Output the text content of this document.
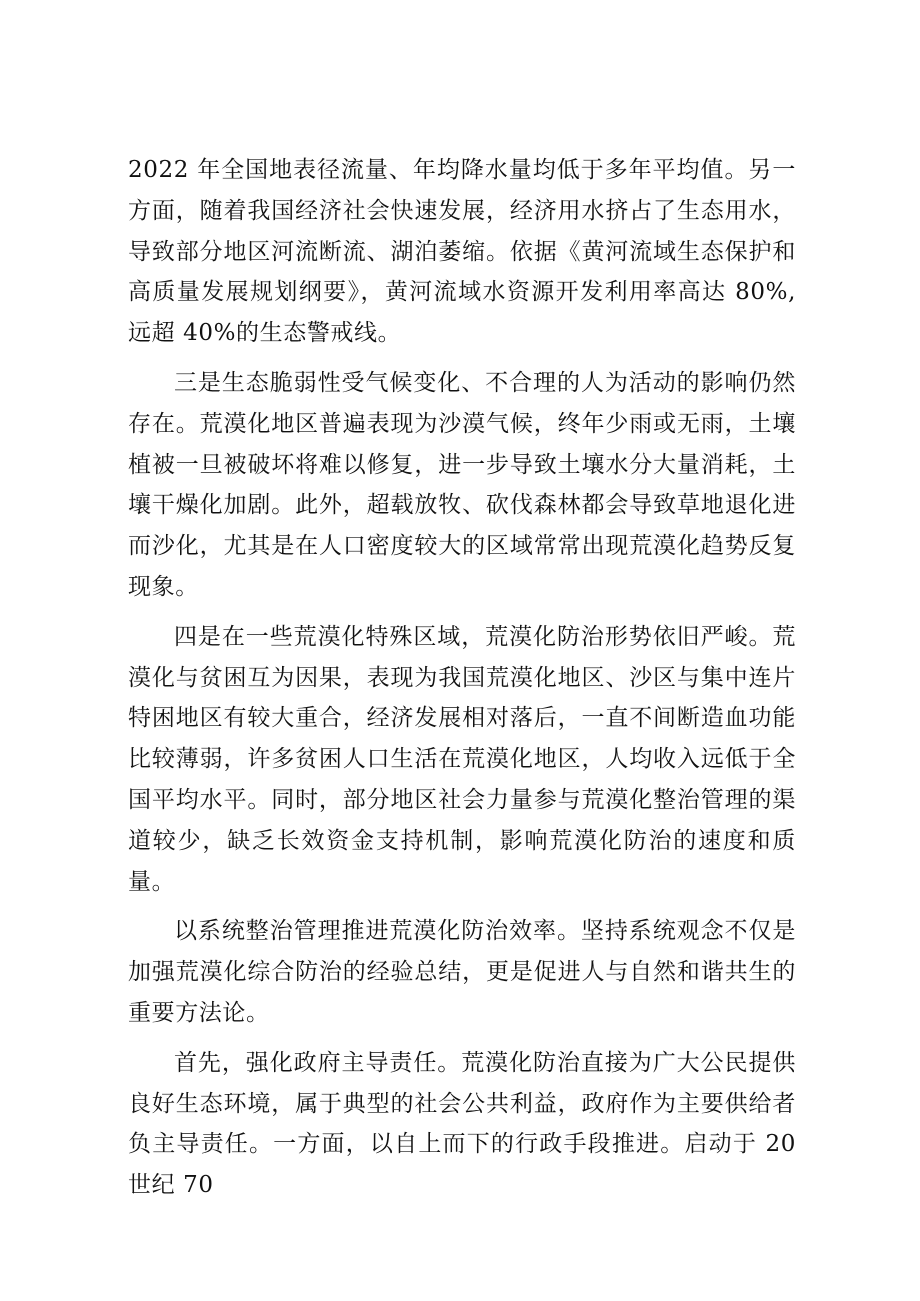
2022 年全国地表径流量、年均降水量均低于多年平均值。另一方面，随着我国经济社会快速发展，经济用水挤占了生态用水，导致部分地区河流断流、湖泊萎缩。依据《黄河流域生态保护和高质量发展规划纲要》，黄河流域水资源开发利用率高达 80%,远超 40%的生态警戒线。

三是生态脆弱性受气候变化、不合理的人为活动的影响仍然存在。荒漠化地区普遍表现为沙漠气候，终年少雨或无雨，土壤植被一旦被破坏将难以修复，进一步导致土壤水分大量消耗，土壤干燥化加剧。此外，超载放牧、砍伐森林都会导致草地退化进而沙化，尤其是在人口密度较大的区域常常出现荒漠化趋势反复现象。

四是在一些荒漠化特殊区域，荒漠化防治形势依旧严峻。荒漠化与贫困互为因果，表现为我国荒漠化地区、沙区与集中连片特困地区有较大重合，经济发展相对落后，一直不间断造血功能比较薄弱，许多贫困人口生活在荒漠化地区，人均收入远低于全国平均水平。同时，部分地区社会力量参与荒漠化整治管理的渠道较少，缺乏长效资金支持机制，影响荒漠化防治的速度和质量。

以系统整治管理推进荒漠化防治效率。坚持系统观念不仅是加强荒漠化综合防治的经验总结，更是促进人与自然和谐共生的重要方法论。

首先，强化政府主导责任。荒漠化防治直接为广大公民提供良好生态环境，属于典型的社会公共利益，政府作为主要供给者负主导责任。一方面，以自上而下的行政手段推进。启动于 20 世纪 70
